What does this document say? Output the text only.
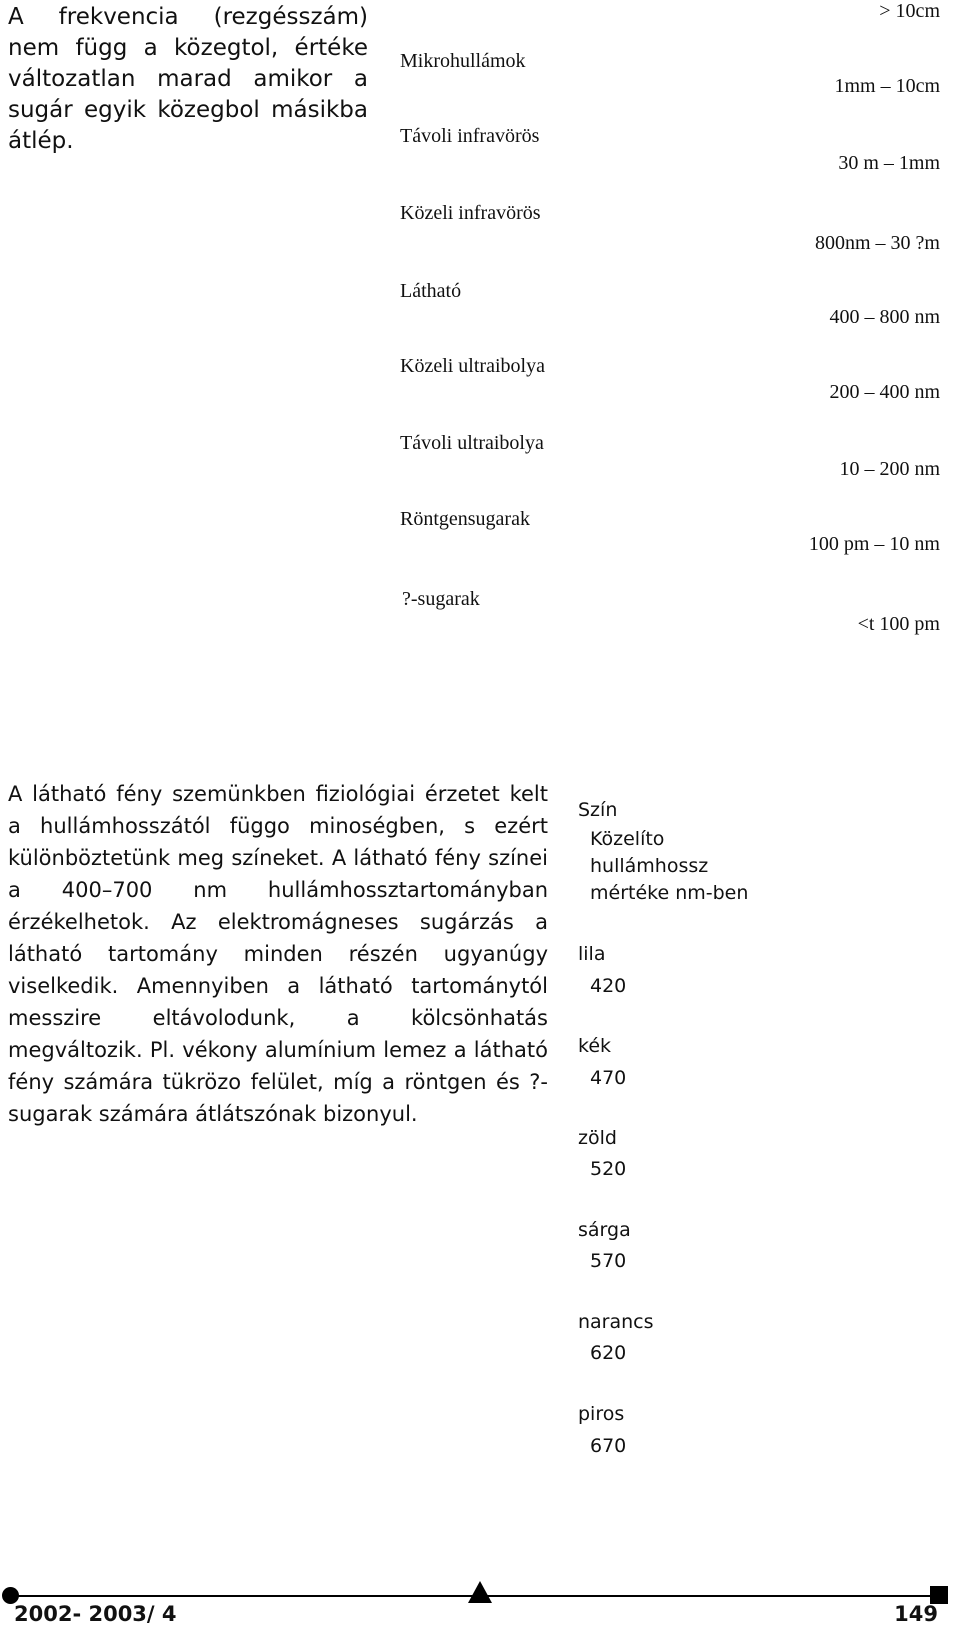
A frekvencia (rezgésszám) nem függ a közegtol, értéke változatlan marad amikor a sugár egyik közegbol másikba átlép.

Mikrohullámok
Távoli infravörös
Közeli infravörös
Látható
Közeli ultraibolya
Távoli ultraibolya
Röntgensugarak
?-sugarak
> 10cm
1mm – 10cm
30 m – 1mm
800nm – 30 ?m
400 – 800 nm
200 – 400 nm
10 – 200 nm
100 pm – 10 nm
<t 100 pm

A látható fény szemünkben fiziológiai érzetet kelt a hullámhosszától függo minoségben, s ezért különböztetünk meg színeket. A látható fény színei a 400–700 nm hullámhossztartományban érzékelhetok. Az elektromágneses sugárzás a látható tartomány minden részén ugyanúgy viselkedik. Amennyiben a látható tartománytól messzire eltávolodunk, a kölcsönhatás megváltozik. Pl. vékony alumínium lemez a látható fény számára tükrözo felület, míg a röntgen és ?-sugarak számára átlátszónak bizonyul.

Szín
Közelíto
hullámhossz
mértéke nm-ben
lila
420
kék
470
zöld
520
sárga
570
narancs
620
piros
670
2002- 2003/ 4	149
